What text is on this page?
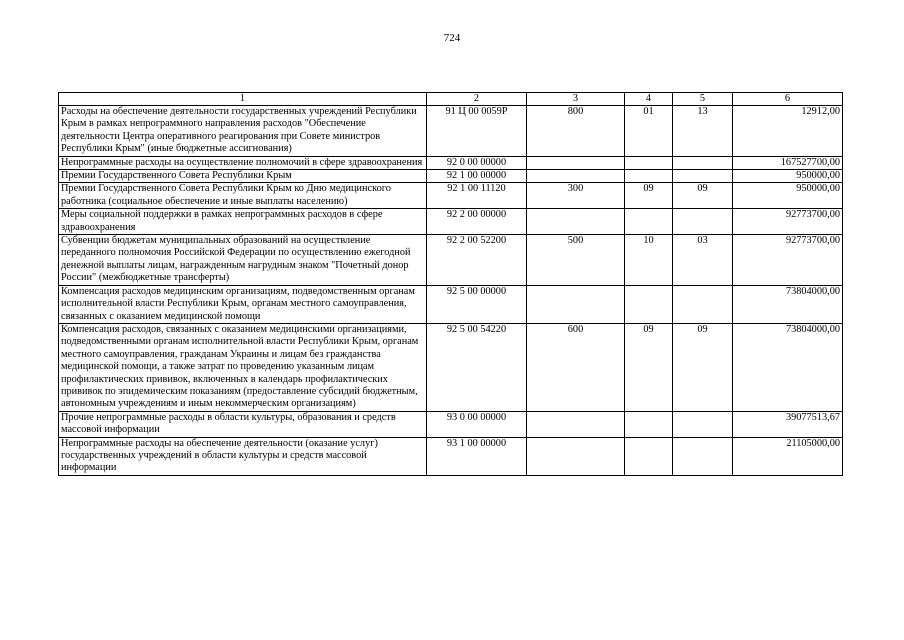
724
1	2	3	4	5	6
Расходы на обеспечение деятельности государственных учреждений Республики Крым в рамках непрограммного направления расходов "Обеспечение деятельности Центра оперативного реагирования при Совете министров Республики Крым" (иные бюджетные ассигнования)	91 Ц 00 0059Р	800	01	13	12912,00
Непрограммные расходы на осуществление полномочий в сфере здравоохранения	92 0 00 00000				167527700,00
Премии Государственного Совета Республики Крым	92 1 00 00000				950000,00
Премии Государственного Совета Республики Крым ко Дню медицинского работника (социальное обеспечение и иные выплаты населению)	92 1 00 11120	300	09	09	950000,00
Меры социальной поддержки в рамках непрограммных расходов в сфере здравоохранения	92 2 00 00000				92773700,00
Субвенции бюджетам муниципальных образований на осуществление переданного полномочия Российской Федерации по осуществлению ежегодной денежной выплаты лицам, награжденным нагрудным знаком "Почетный донор России" (межбюджетные трансферты)	92 2 00 52200	500	10	03	92773700,00
Компенсация расходов медицинским организациям, подведомственным органам исполнительной власти Республики Крым, органам местного самоуправления, связанных с оказанием медицинской помощи	92 5 00 00000				73804000,00
Компенсация расходов, связанных с оказанием медицинскими организациями, подведомственными органам исполнительной власти Республики Крым, органам местного самоуправления, гражданам Украины и лицам без гражданства медицинской помощи, а также затрат по проведению указанным лицам профилактических прививок, включенных в календарь профилактических прививок по эпидемическим показаниям (предоставление субсидий бюджетным, автономным учреждениям и иным некоммерческим организациям)	92 5 00 54220	600	09	09	73804000,00
Прочие непрограммные расходы в области культуры, образования и средств массовой информации	93 0 00 00000				39077513,67
Непрограммные расходы на обеспечение деятельности (оказание услуг) государственных учреждений в области культуры и средств массовой информации	93 1 00 00000				21105000,00
